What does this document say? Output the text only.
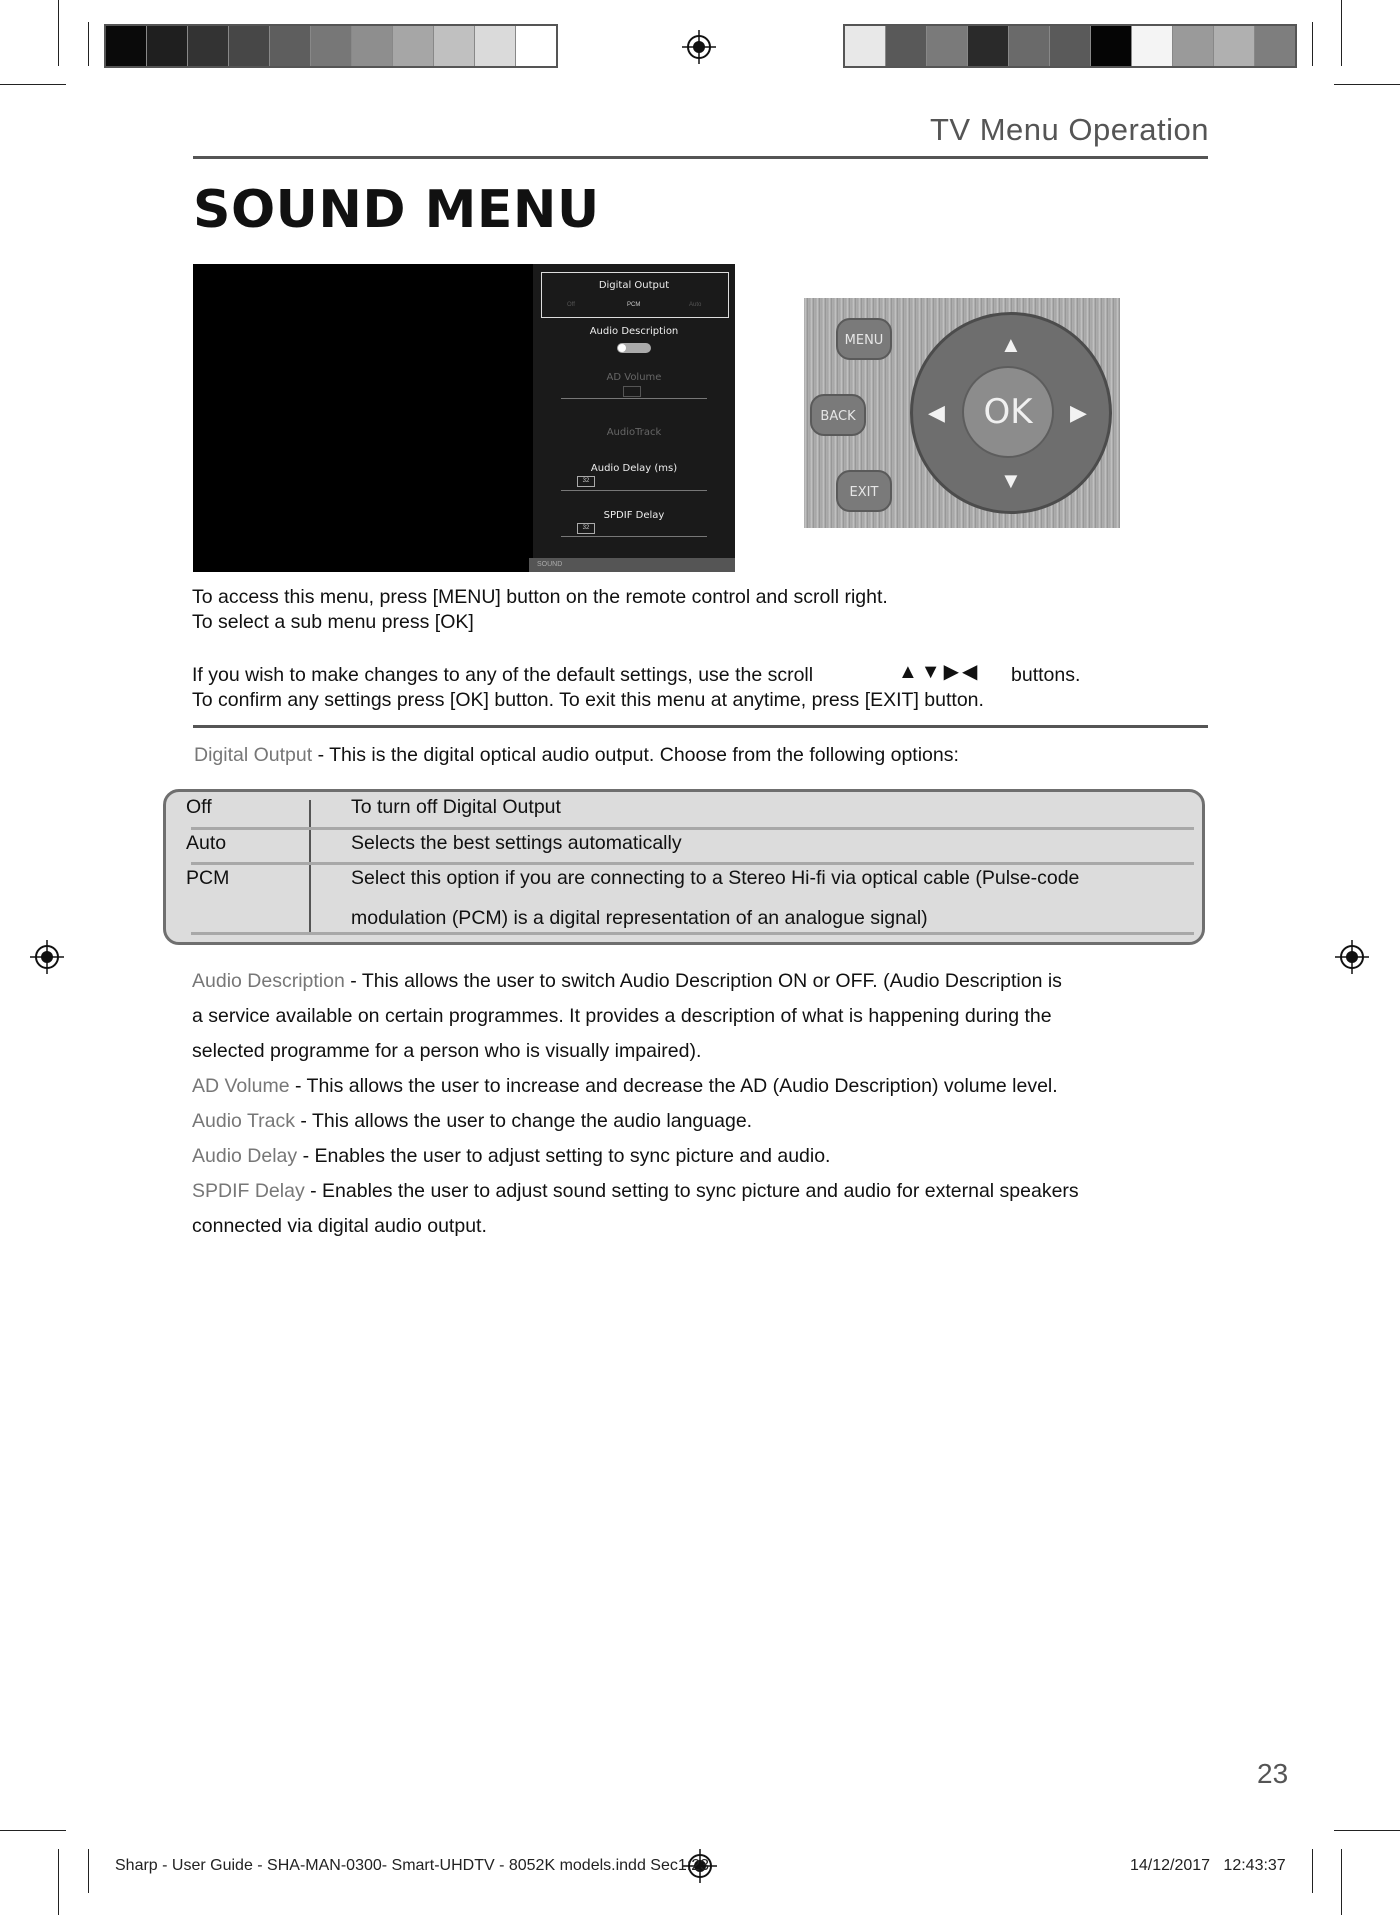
TV Menu Operation
SOUND MENU
Digital Output
Off	PCM	Auto
Audio Description
AD Volume
AudioTrack
Audio Delay (ms)
32
SPDIF Delay
32
SOUND
MENU
BACK
EXIT
▲
▼
◀	▶
OK
To access this menu, press [MENU] button on the remote control and scroll right.
To select a sub menu press [OK]
If you wish to make changes to any of the default settings, use the scroll	▲▼▶◀ buttons.
To confirm any settings press [OK] button. To exit this menu at anytime, press [EXIT] button.
Digital Output - This is the digital optical audio output. Choose from the following options:
Off	To turn off Digital Output
Auto	Selects the best settings automatically
PCM	Select this option if you are connecting to a Stereo Hi-fi via optical cable (Pulse-code
modulation (PCM) is a digital representation of an analogue signal)
Audio Description - This allows the user to switch Audio Description ON or OFF. (Audio Description is
a service available on certain programmes. It provides a description of what is happening during the
selected programme for a person who is visually impaired).
AD Volume - This allows the user to increase and decrease the AD (Audio Description) volume level.
Audio Track - This allows the user to change the audio language.
Audio Delay - Enables the user to adjust setting to sync picture and audio.
SPDIF Delay - Enables the user to adjust sound setting to sync picture and audio for external speakers
connected via digital audio output.
23
Sharp - User Guide - SHA-MAN-0300- Smart-UHDTV - 8052K models.indd Sec1:23	14/12/2017 12:43:37
